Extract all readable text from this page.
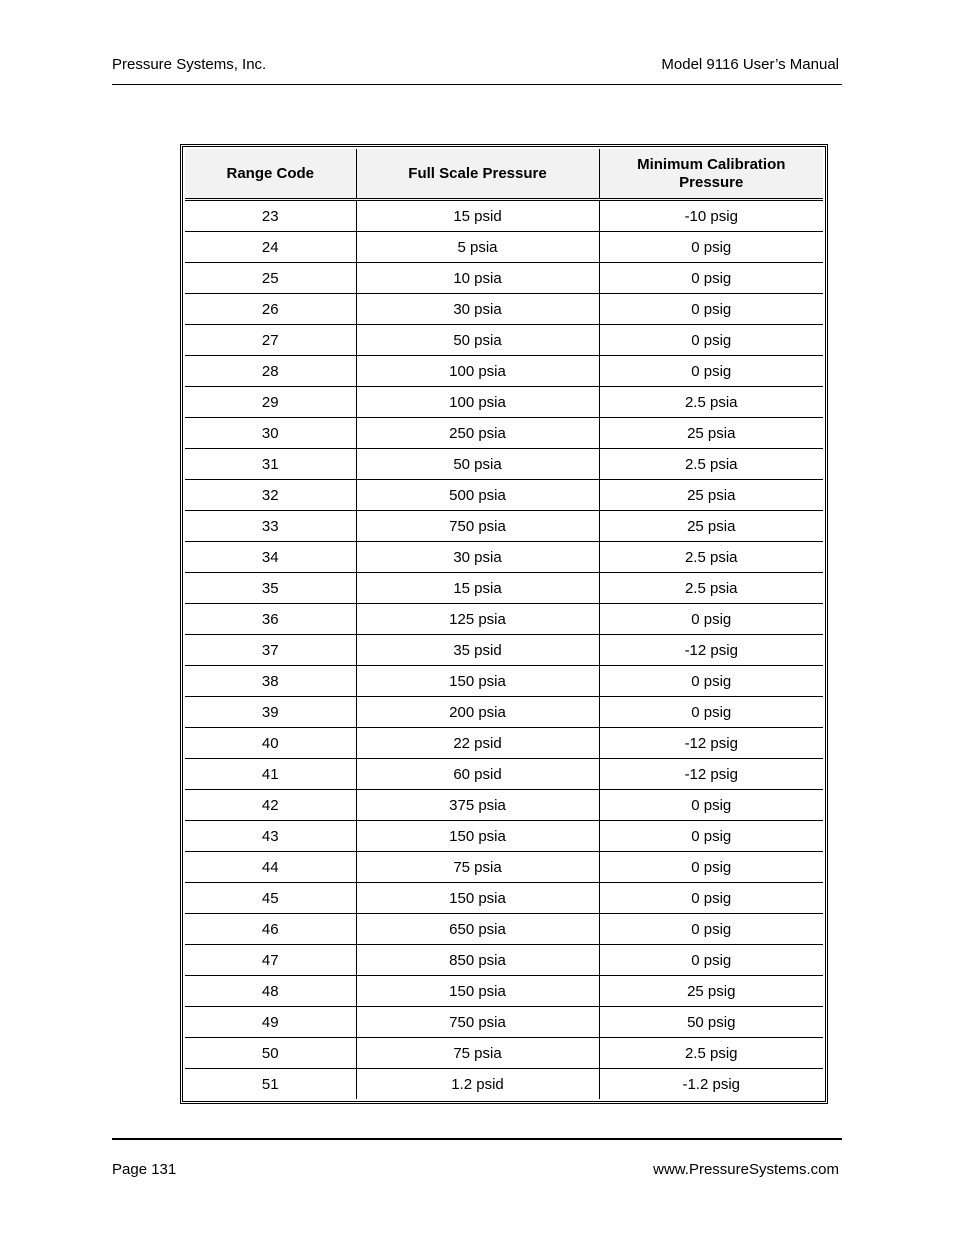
Pressure Systems, Inc.	Model 9116 User’s Manual
Range Code	Full Scale Pressure	Minimum Calibration Pressure
23	15 psid	-10 psig
24	5 psia	0 psig
25	10 psia	0 psig
26	30 psia	0 psig
27	50 psia	0 psig
28	100 psia	0 psig
29	100 psia	2.5 psia
30	250 psia	25 psia
31	50 psia	2.5 psia
32	500 psia	25 psia
33	750 psia	25 psia
34	30 psia	2.5 psia
35	15 psia	2.5 psia
36	125 psia	0 psig
37	35 psid	-12 psig
38	150 psia	0 psig
39	200 psia	0 psig
40	22 psid	-12 psig
41	60 psid	-12 psig
42	375 psia	0 psig
43	150 psia	0 psig
44	75 psia	0 psig
45	150 psia	0 psig
46	650 psia	0 psig
47	850 psia	0 psig
48	150 psia	25 psig
49	750 psia	50 psig
50	75 psia	2.5 psig
51	1.2 psid	-1.2 psig
Page 131	www.PressureSystems.com
